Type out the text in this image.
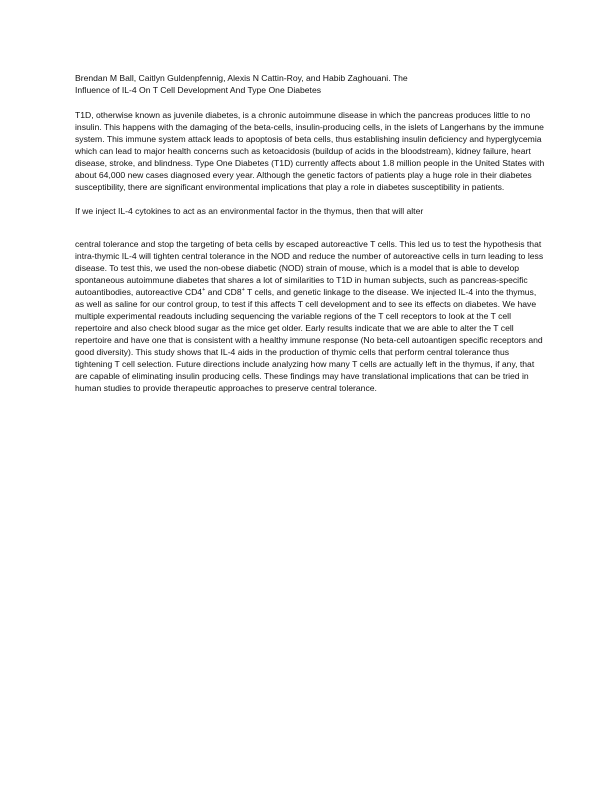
Brendan M Ball, Caitlyn Guldenpfennig, Alexis N Cattin-Roy, and Habib Zaghouani. The

Influence of IL-4 On T Cell Development And Type One Diabetes

T1D, otherwise known as juvenile diabetes, is a chronic autoimmune disease in which the pancreas produces little to no insulin. This happens with the damaging of the beta-cells, insulin-producing cells, in the islets of Langerhans by the immune system. This immune system attack leads to apoptosis of beta cells, thus establishing insulin deficiency and hyperglycemia which can lead to major health concerns such as ketoacidosis (buildup of acids in the bloodstream), kidney failure, heart disease, stroke, and blindness. Type One Diabetes (T1D) currently affects about 1.8 million people in the United States with about 64,000 new cases diagnosed every year. Although the genetic factors of patients play a huge role in their diabetes susceptibility, there are significant environmental implications that play a role in diabetes susceptibility in patients.

If we inject IL-4 cytokines to act as an environmental factor in the thymus, then that will alter

central tolerance and stop the targeting of beta cells by escaped autoreactive T cells. This led us to test the hypothesis that intra-thymic IL-4 will tighten central tolerance in the NOD and reduce the number of autoreactive cells in turn leading to less disease. To test this, we used the non-obese diabetic (NOD) strain of mouse, which is a model that is able to develop spontaneous autoimmune diabetes that shares a lot of similarities to T1D in human subjects, such as pancreas-specific autoantibodies, autoreactive CD4+ and CD8+ T cells, and genetic linkage to the disease. We injected IL-4 into the thymus, as well as saline for our control group, to test if this affects T cell development and to see its effects on diabetes. We have multiple experimental readouts including sequencing the variable regions of the T cell receptors to look at the T cell repertoire and also check blood sugar as the mice get older. Early results indicate that we are able to alter the T cell repertoire and have one that is consistent with a healthy immune response (No beta-cell autoantigen specific receptors and good diversity). This study shows that IL-4 aids in the production of thymic cells that perform central tolerance thus tightening T cell selection. Future directions include analyzing how many T cells are actually left in the thymus, if any, that are capable of eliminating insulin producing cells. These findings may have translational implications that can be tried in human studies to provide therapeutic approaches to preserve central tolerance.
